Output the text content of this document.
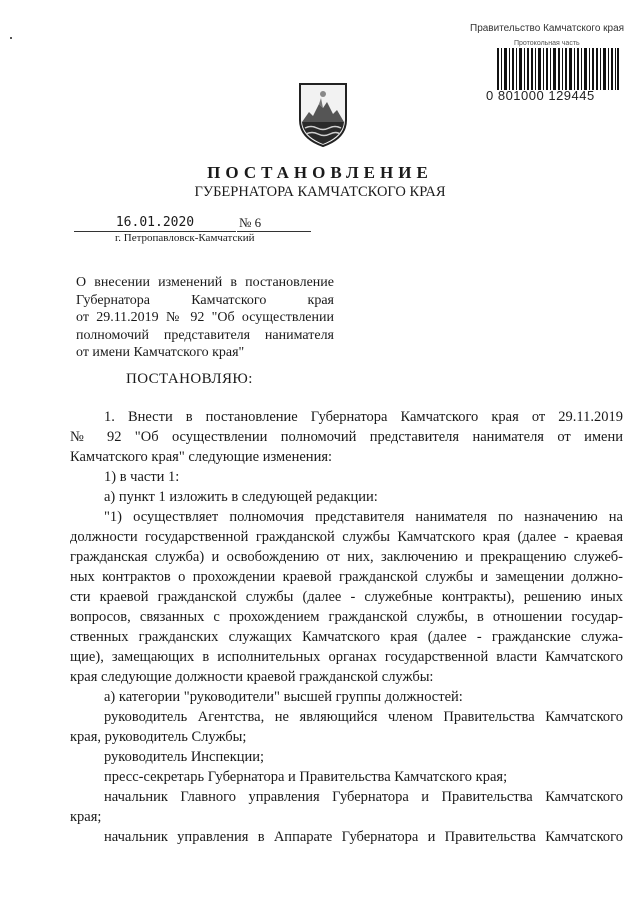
Правительство Камчатского края
Протокольная часть
0 801000 129445
ПОСТАНОВЛЕНИЕ
ГУБЕРНАТОРА КАМЧАТСКОГО КРАЯ
16.01.2020	№ 6
г. Петропавловск-Камчатский
О внесении изменений в постановление
Губернатора Камчатского края
от 29.11.2019 № 92 "Об осуществлении
полномочий представителя нанимателя
от имени Камчатского края"
ПОСТАНОВЛЯЮ:
1. Внести в постановление Губернатора Камчатского края от 29.11.2019
№ 92 "Об осуществлении полномочий представителя нанимателя от имени
Камчатского края" следующие изменения:
1) в части 1:
а) пункт 1 изложить в следующей редакции:
"1) осуществляет полномочия представителя нанимателя по назначению на
должности государственной гражданской службы Камчатского края (далее - краевая
гражданская служба) и освобождению от них, заключению и прекращению служеб-
ных контрактов о прохождении краевой гражданской службы и замещении должно-
сти краевой гражданской службы (далее - служебные контракты), решению иных
вопросов, связанных с прохождением гражданской службы, в отношении государ-
ственных гражданских служащих Камчатского края (далее - гражданские служа-
щие), замещающих в исполнительных органах государственной власти Камчатского
края следующие должности краевой гражданской службы:
а) категории "руководители" высшей группы должностей:
руководитель Агентства, не являющийся членом Правительства Камчатского
края, руководитель Службы;
руководитель Инспекции;
пресс-секретарь Губернатора и Правительства Камчатского края;
начальник Главного управления Губернатора и Правительства Камчатского
края;
начальник управления в Аппарате Губернатора и Правительства Камчатского
